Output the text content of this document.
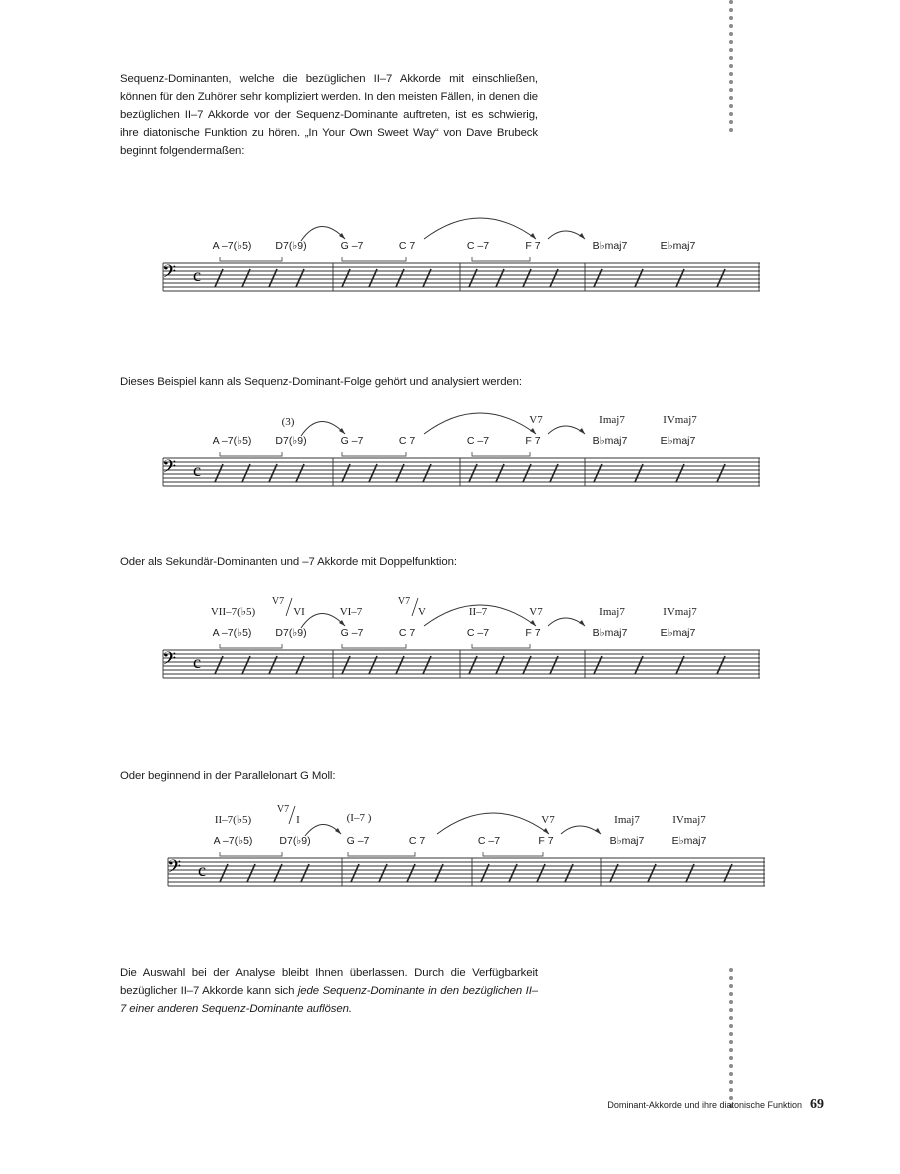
Sequenz-Dominanten, welche die bezüglichen II–7 Akkorde mit einschließen, können für den Zuhörer sehr kompliziert werden. In den meisten Fällen, in denen die bezüglichen II–7 Akkorde vor der Sequenz-Dominante auftreten, ist es schwierig, ihre diatonische Funktion zu hören. „In Your Own Sweet Way“ von Dave Brubeck beginnt folgendermaßen:

𝄢 c
A –7(♭5) D7(♭9)	G –7	C 7	C –7	F 7	B♭maj7	E♭maj7

Dieses Beispiel kann als Sequenz-Dominant-Folge gehört und analysiert werden:

𝄢 c
(3)	V7	Imaj7	IVmaj7
A –7(♭5) D7(♭9)	G –7	C 7	C –7	F 7	B♭maj7	E♭maj7

Oder als Sekundär-Dominanten und –7 Akkorde mit Doppelfunktion:

𝄢 c
VII–7(♭5)
V7
VI	VI–7
V7
V	II–7	V7	Imaj7	IVmaj7
A –7(♭5) D7(♭9)	G –7	C 7	C –7	F 7	B♭maj7	E♭maj7

Oder beginnend in der Parallelonart G Moll:

𝄢 c
II–7(♭5)
V7
I	(I–7 )	V7	Imaj7	IVmaj7
A –7(♭5)	D7(♭9)	G –7	C 7	C –7	F 7	B♭maj7	E♭maj7

Die Auswahl bei der Analyse bleibt Ihnen überlassen. Durch die Verfügbarkeit bezüglicher II–7 Akkorde kann sich jede Sequenz-Dominante in den bezüglichen II–7 einer anderen Sequenz-Dominante auflösen.

Dominant-Akkorde und ihre diatonische Funktion 69
